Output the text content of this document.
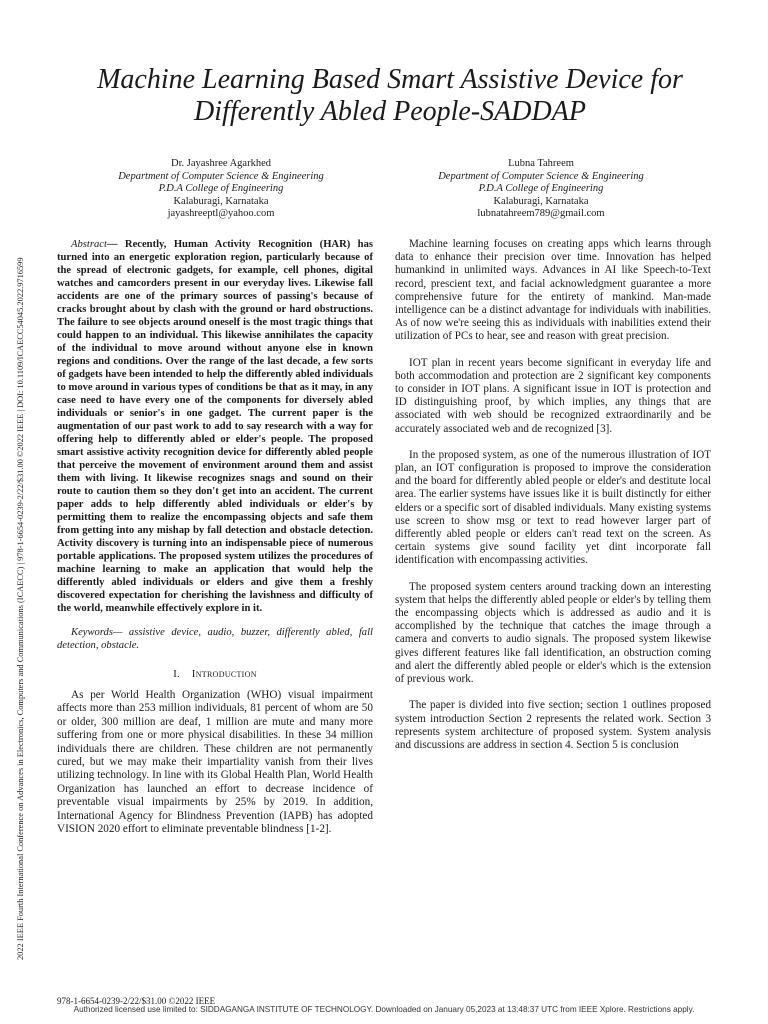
2022 IEEE Fourth International Conference on Advances in Electronics, Computers and Communications (ICAECC) | 978-1-6654-0239-2/22/$31.00 ©2022 IEEE | DOI: 10.1109/ICAECC54045.2022.9716599
Machine Learning Based Smart Assistive Device for
Differently Abled People-SADDAP
Dr. Jayashree Agarkhed
Department of Computer Science & Engineering
P.D.A College of Engineering
Kalaburagi, Karnataka
jayashreeptl@yahoo.com
Lubna Tahreem
Department of Computer Science & Engineering
P.D.A College of Engineering
Kalaburagi, Karnataka
lubnatahreem789@gmail.com

Abstract— Recently, Human Activity Recognition (HAR) has turned into an energetic exploration region, particularly because of the spread of electronic gadgets, for example, cell phones, digital watches and camcorders present in our everyday lives. Likewise fall accidents are one of the primary sources of passing's because of cracks brought about by clash with the ground or hard obstructions. The failure to see objects around oneself is the most tragic things that could happen to an individual. This likewise annihilates the capacity of the individual to move around without anyone else in known regions and conditions. Over the range of the last decade, a few sorts of gadgets have been intended to help the differently abled individuals to move around in various types of conditions be that as it may, in any case need to have every one of the components for diversely abled individuals or senior's in one gadget. The current paper is the augmentation of our past work to add to say research with a way for offering help to differently abled or elder's people. The proposed smart assistive activity recognition device for differently abled people that perceive the movement of environment around them and assist them with living. It likewise recognizes snags and sound on their route to caution them so they don't get into an accident. The current paper adds to help differently abled individuals or elder's by permitting them to realize the encompassing objects and safe them from getting into any mishap by fall detection and obstacle detection. Activity discovery is turning into an indispensable piece of numerous portable applications. The proposed system utilizes the procedures of machine learning to make an application that would help the differently abled individuals or elders and give them a freshly discovered expectation for cherishing the lavishness and difficulty of the world, meanwhile effectively explore in it.

Keywords— assistive device, audio, buzzer, differently abled, fall detection, obstacle.

I. Introduction

As per World Health Organization (WHO) visual impairment affects more than 253 million individuals, 81 percent of whom are 50 or older, 300 million are deaf, 1 million are mute and many more suffering from one or more physical disabilities. In these 34 million individuals there are children. These children are not permanently cured, but we may make their impartiality vanish from their lives utilizing technology. In line with its Global Health Plan, World Health Organization has launched an effort to decrease incidence of preventable visual impairments by 25% by 2019. In addition, International Agency for Blindness Prevention (IAPB) has adopted VISION 2020 effort to eliminate preventable blindness [1-2].

Machine learning focuses on creating apps which learns through data to enhance their precision over time. Innovation has helped humankind in unlimited ways. Advances in AI like Speech-to-Text record, prescient text, and facial acknowledgment guarantee a more comprehensive future for the entirety of mankind. Man-made intelligence can be a distinct advantage for individuals with inabilities. As of now we're seeing this as individuals with inabilities extend their utilization of PCs to hear, see and reason with great precision.

IOT plan in recent years become significant in everyday life and both accommodation and protection are 2 significant key components to consider in IOT plans. A significant issue in IOT is protection and ID distinguishing proof, by which implies, any things that are associated with web should be recognized extraordinarily and be accurately associated web and de recognized [3].

In the proposed system, as one of the numerous illustration of IOT plan, an IOT configuration is proposed to improve the consideration and the board for differently abled people or elder's and destitute local area. The earlier systems have issues like it is built distinctly for either elders or a specific sort of disabled individuals. Many existing systems use screen to show msg or text to read however larger part of differently abled people or elders can't read text on the screen. As certain systems give sound facility yet dint incorporate fall identification with encompassing activities.

The proposed system centers around tracking down an interesting system that helps the differently abled people or elder's by telling them the encompassing objects which is addressed as audio and it is accomplished by the technique that catches the image through a camera and converts to audio signals. The proposed system likewise gives different features like fall identification, an obstruction coming and alert the differently abled people or elder's which is the extension of previous work.

The paper is divided into five section; section 1 outlines proposed system introduction Section 2 represents the related work. Section 3 represents system architecture of proposed system. System analysis and discussions are address in section 4. Section 5 is conclusion

978-1-6654-0239-2/22/$31.00 ©2022 IEEE
Authorized licensed use limited to: SIDDAGANGA INSTITUTE OF TECHNOLOGY. Downloaded on January 05,2023 at 13:48:37 UTC from IEEE Xplore. Restrictions apply.
